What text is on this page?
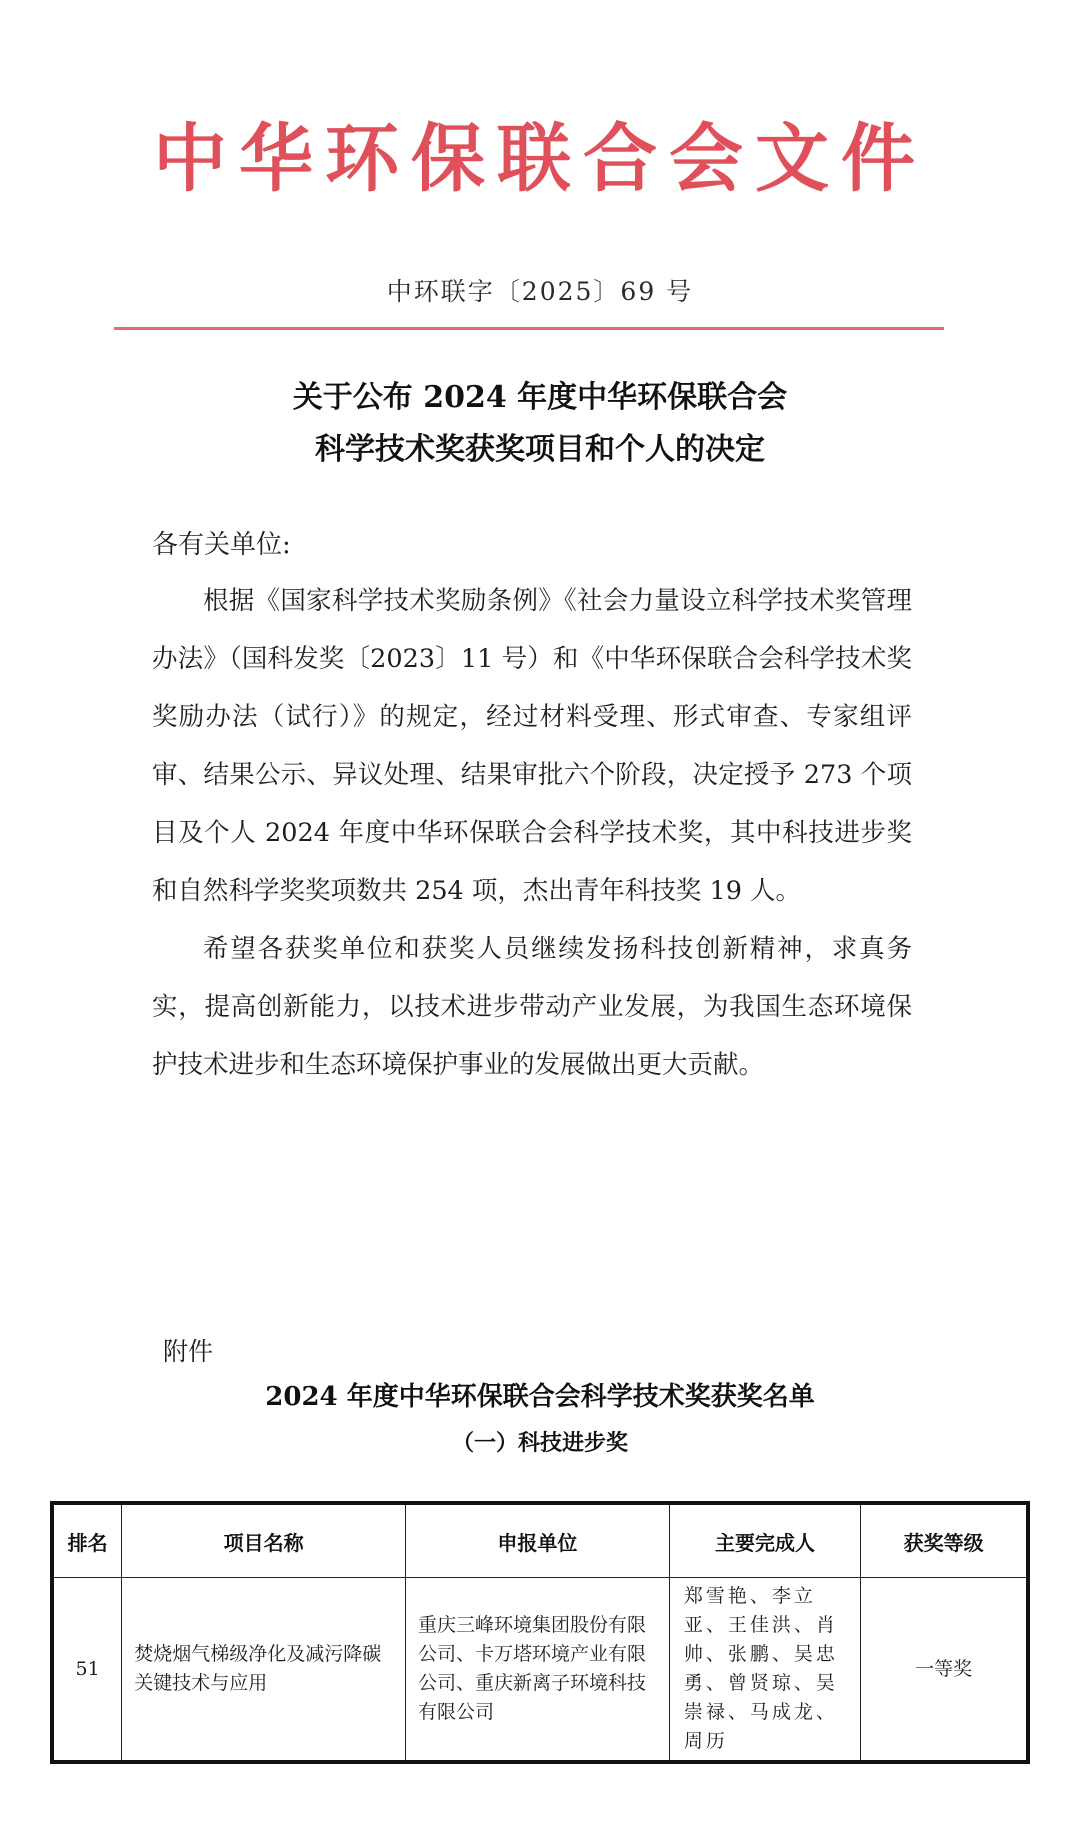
中华环保联合会文件
中环联字〔2025〕69 号
关于公布 2024 年度中华环保联合会
科学技术奖获奖项目和个人的决定
各有关单位:

根据《国家科学技术奖励条例》《社会力量设立科学技术奖管理办法》（国科发奖〔2023〕11 号）和《中华环保联合会科学技术奖奖励办法（试行）》的规定，经过材料受理、形式审查、专家组评审、结果公示、异议处理、结果审批六个阶段，决定授予 273 个项目及个人 2024 年度中华环保联合会科学技术奖，其中科技进步奖和自然科学奖奖项数共 254 项，杰出青年科技奖 19 人。

希望各获奖单位和获奖人员继续发扬科技创新精神，求真务实，提高创新能力，以技术进步带动产业发展，为我国生态环境保护技术进步和生态环境保护事业的发展做出更大贡献。

附件
2024 年度中华环保联合会科学技术奖获奖名单
（一）科技进步奖
排名	项目名称	申报单位	主要完成人	获奖等级
51	焚烧烟气梯级净化及减污降碳关键技术与应用	重庆三峰环境集团股份有限公司、卡万塔环境产业有限公司、重庆新离子环境科技有限公司	郑雪艳、李立亚、王佳洪、肖帅、张鹏、吴忠勇、曾贤琼、吴崇禄、马成龙、周历	一等奖
